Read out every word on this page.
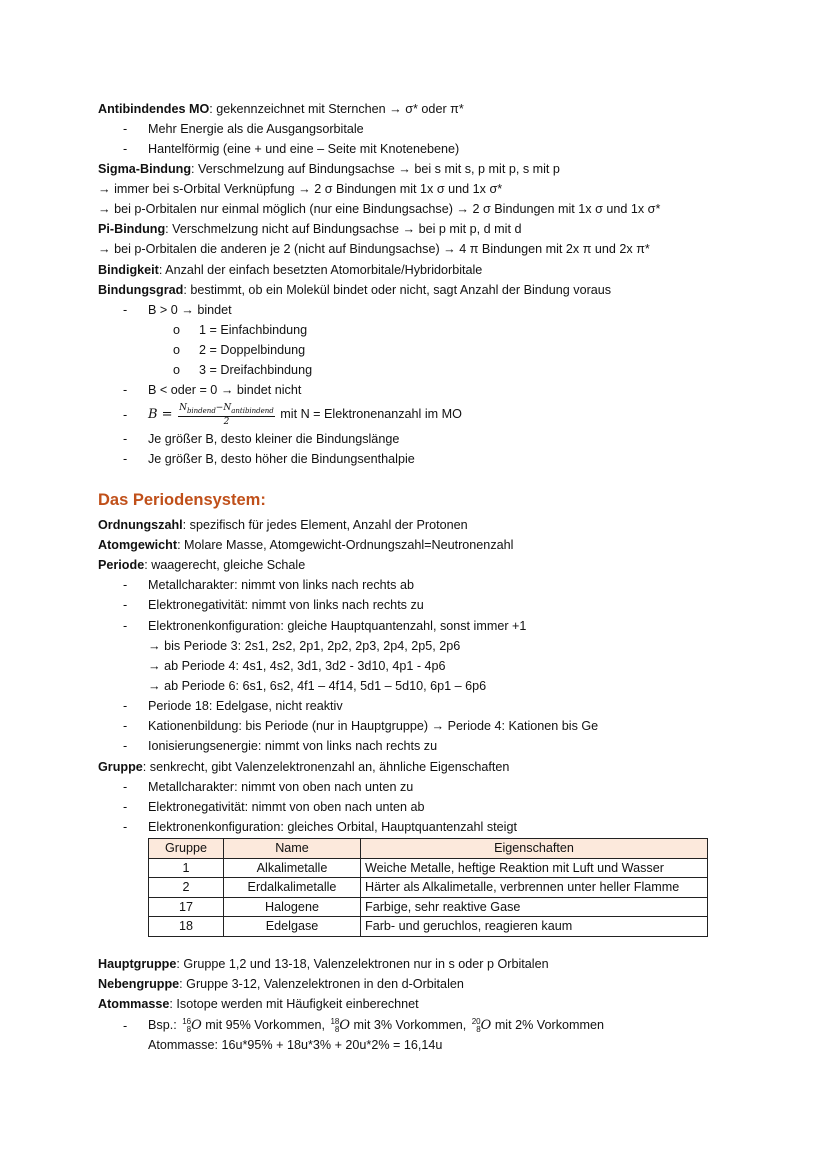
Antibindendes MO: gekennzeichnet mit Sternchen → σ* oder π*
- Mehr Energie als die Ausgangsorbitale
- Hantelförmig (eine + und eine – Seite mit Knotenebene)
Sigma-Bindung: Verschmelzung auf Bindungsachse → bei s mit s, p mit p, s mit p
→ immer bei s-Orbital Verknüpfung → 2 σ Bindungen mit 1x σ und 1x σ*
→ bei p-Orbitalen nur einmal möglich (nur eine Bindungsachse) → 2 σ Bindungen mit 1x σ und 1x σ*
Pi-Bindung: Verschmelzung nicht auf Bindungsachse → bei p mit p, d mit d
→ bei p-Orbitalen die anderen je 2 (nicht auf Bindungsachse) → 4 π Bindungen mit 2x π und 2x π*
Bindigkeit: Anzahl der einfach besetzten Atomorbitale/Hybridorbitale
Bindungsgrad: bestimmt, ob ein Molekül bindet oder nicht, sagt Anzahl der Bindung voraus
- B > 0 → bindet
o 1 = Einfachbindung
o 2 = Doppelbindung
o 3 = Dreifachbindung
- B < oder = 0 → bindet nicht
- $B = \frac{N_{bindend}-N_{antibindend}}{2}$ mit N = Elektronenanzahl im MO
- Je größer B, desto kleiner die Bindungslänge
- Je größer B, desto höher die Bindungsenthalpie
Das Periodensystem:
Ordnungszahl: spezifisch für jedes Element, Anzahl der Protonen
Atomgewicht: Molare Masse, Atomgewicht-Ordnungszahl=Neutronenzahl
Periode: waagerecht, gleiche Schale
- Metallcharakter: nimmt von links nach rechts ab
- Elektronegativität: nimmt von links nach rechts zu
- Elektronenkonfiguration: gleiche Hauptquantenzahl, sonst immer +1
→ bis Periode 3: 2s1, 2s2, 2p1, 2p2, 2p3, 2p4, 2p5, 2p6
→ ab Periode 4: 4s1, 4s2, 3d1, 3d2 - 3d10, 4p1 - 4p6
→ ab Periode 6: 6s1, 6s2, 4f1 – 4f14, 5d1 – 5d10, 6p1 – 6p6
- Periode 18: Edelgase, nicht reaktiv
- Kationenbildung: bis Periode (nur in Hauptgruppe) → Periode 4: Kationen bis Ge
- Ionisierungsenergie: nimmt von links nach rechts zu
Gruppe: senkrecht, gibt Valenzelektronenzahl an, ähnliche Eigenschaften
- Metallcharakter: nimmt von oben nach unten zu
- Elektronegativität: nimmt von oben nach unten ab
- Elektronenkonfiguration: gleiches Orbital, Hauptquantenzahl steigt
Gruppe	Name	Eigenschaften
1	Alkalimetalle	Weiche Metalle, heftige Reaktion mit Luft und Wasser
2	Erdalkalimetalle	Härter als Alkalimetalle, verbrennen unter heller Flamme
17	Halogene	Farbige, sehr reaktive Gase
18	Edelgase	Farb- und geruchlos, reagieren kaum
Hauptgruppe: Gruppe 1,2 und 13-18, Valenzelektronen nur in s oder p Orbitalen
Nebengruppe: Gruppe 3-12, Valenzelektronen in den d-Orbitalen
Atommasse: Isotope werden mit Häufigkeit einberechnet
- Bsp.: 16
8 O mit 95% Vorkommen, 18
8 O mit 3% Vorkommen, 20
8 O mit 2% Vorkommen
Atommasse: 16u*95% + 18u*3% + 20u*2% = 16,14u
